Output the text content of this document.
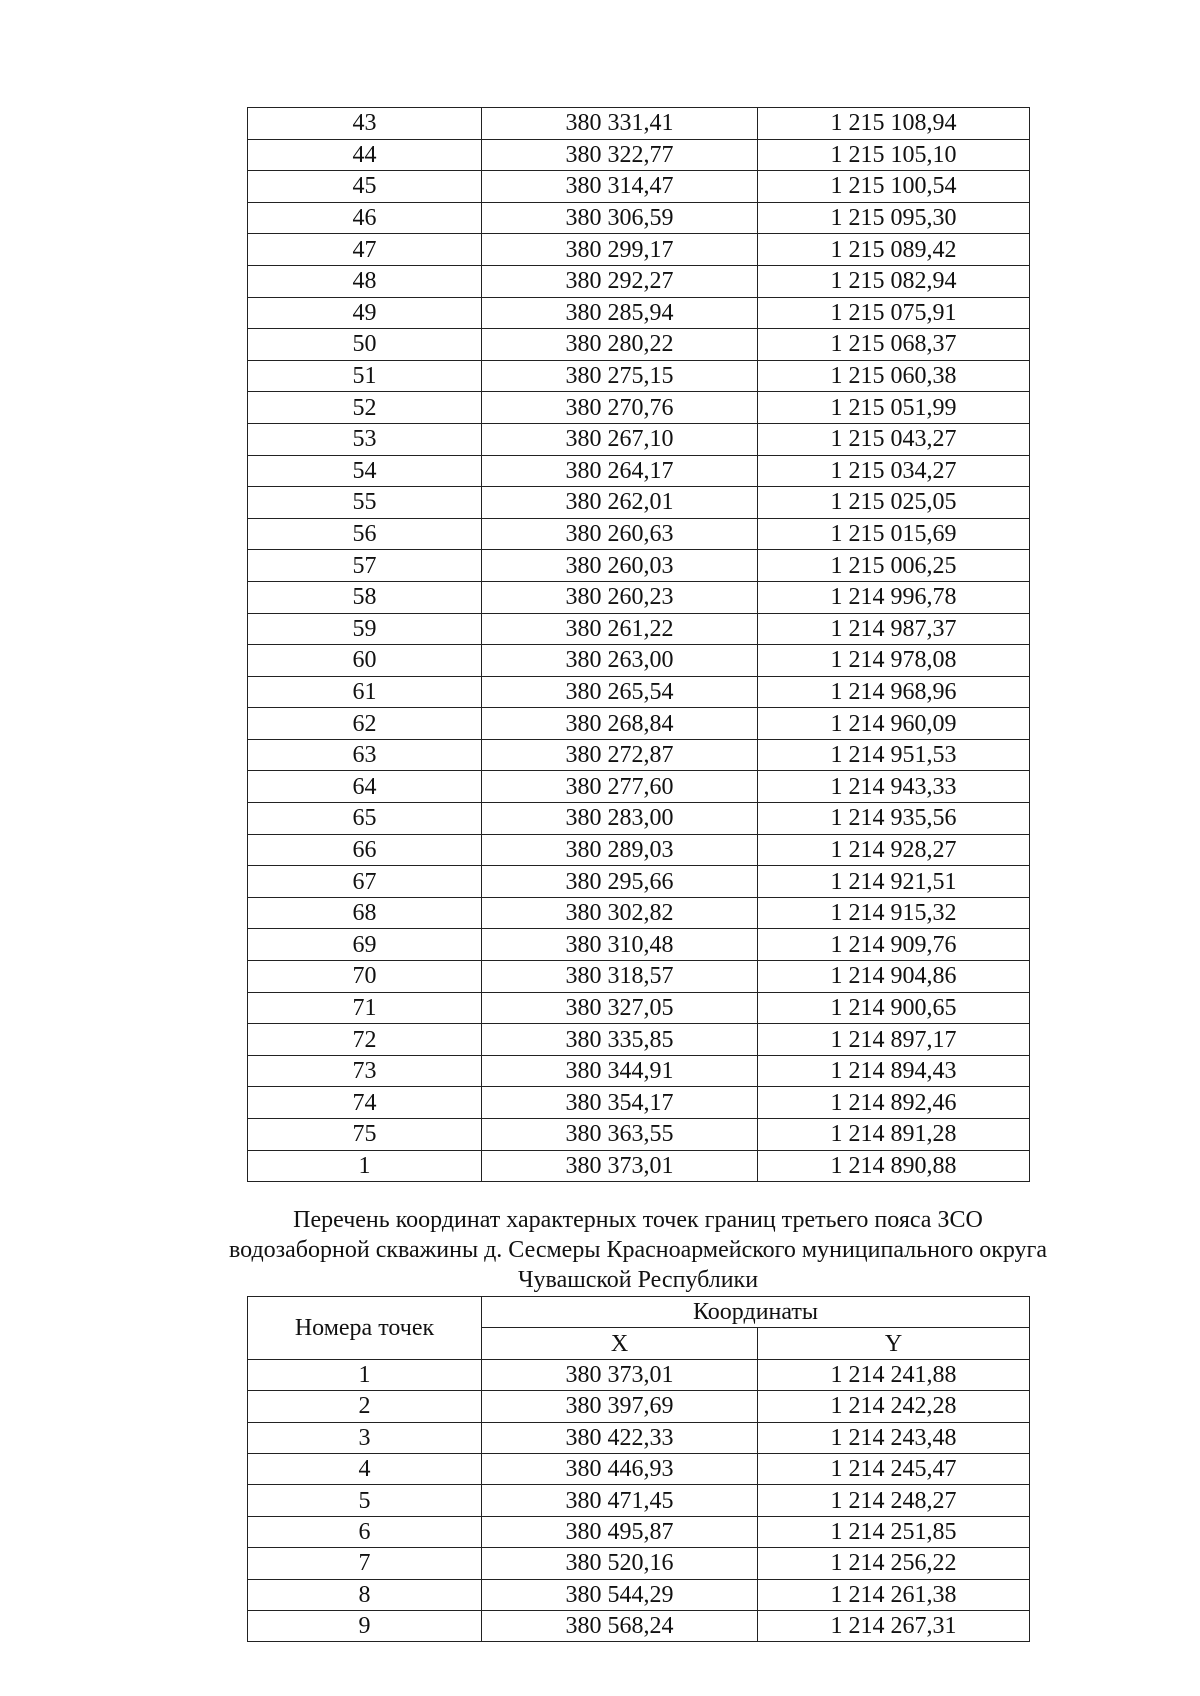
43	380 331,41	1 215 108,94
44	380 322,77	1 215 105,10
45	380 314,47	1 215 100,54
46	380 306,59	1 215 095,30
47	380 299,17	1 215 089,42
48	380 292,27	1 215 082,94
49	380 285,94	1 215 075,91
50	380 280,22	1 215 068,37
51	380 275,15	1 215 060,38
52	380 270,76	1 215 051,99
53	380 267,10	1 215 043,27
54	380 264,17	1 215 034,27
55	380 262,01	1 215 025,05
56	380 260,63	1 215 015,69
57	380 260,03	1 215 006,25
58	380 260,23	1 214 996,78
59	380 261,22	1 214 987,37
60	380 263,00	1 214 978,08
61	380 265,54	1 214 968,96
62	380 268,84	1 214 960,09
63	380 272,87	1 214 951,53
64	380 277,60	1 214 943,33
65	380 283,00	1 214 935,56
66	380 289,03	1 214 928,27
67	380 295,66	1 214 921,51
68	380 302,82	1 214 915,32
69	380 310,48	1 214 909,76
70	380 318,57	1 214 904,86
71	380 327,05	1 214 900,65
72	380 335,85	1 214 897,17
73	380 344,91	1 214 894,43
74	380 354,17	1 214 892,46
75	380 363,55	1 214 891,28
1	380 373,01	1 214 890,88
Перечень координат характерных точек границ третьего пояса ЗСО
водозаборной скважины д. Сесмеры Красноармейского муниципального округа
Чувашской Республики
Номера точек	Координаты	
	X	Y
1	380 373,01	1 214 241,88
2	380 397,69	1 214 242,28
3	380 422,33	1 214 243,48
4	380 446,93	1 214 245,47
5	380 471,45	1 214 248,27
6	380 495,87	1 214 251,85
7	380 520,16	1 214 256,22
8	380 544,29	1 214 261,38
9	380 568,24	1 214 267,31
